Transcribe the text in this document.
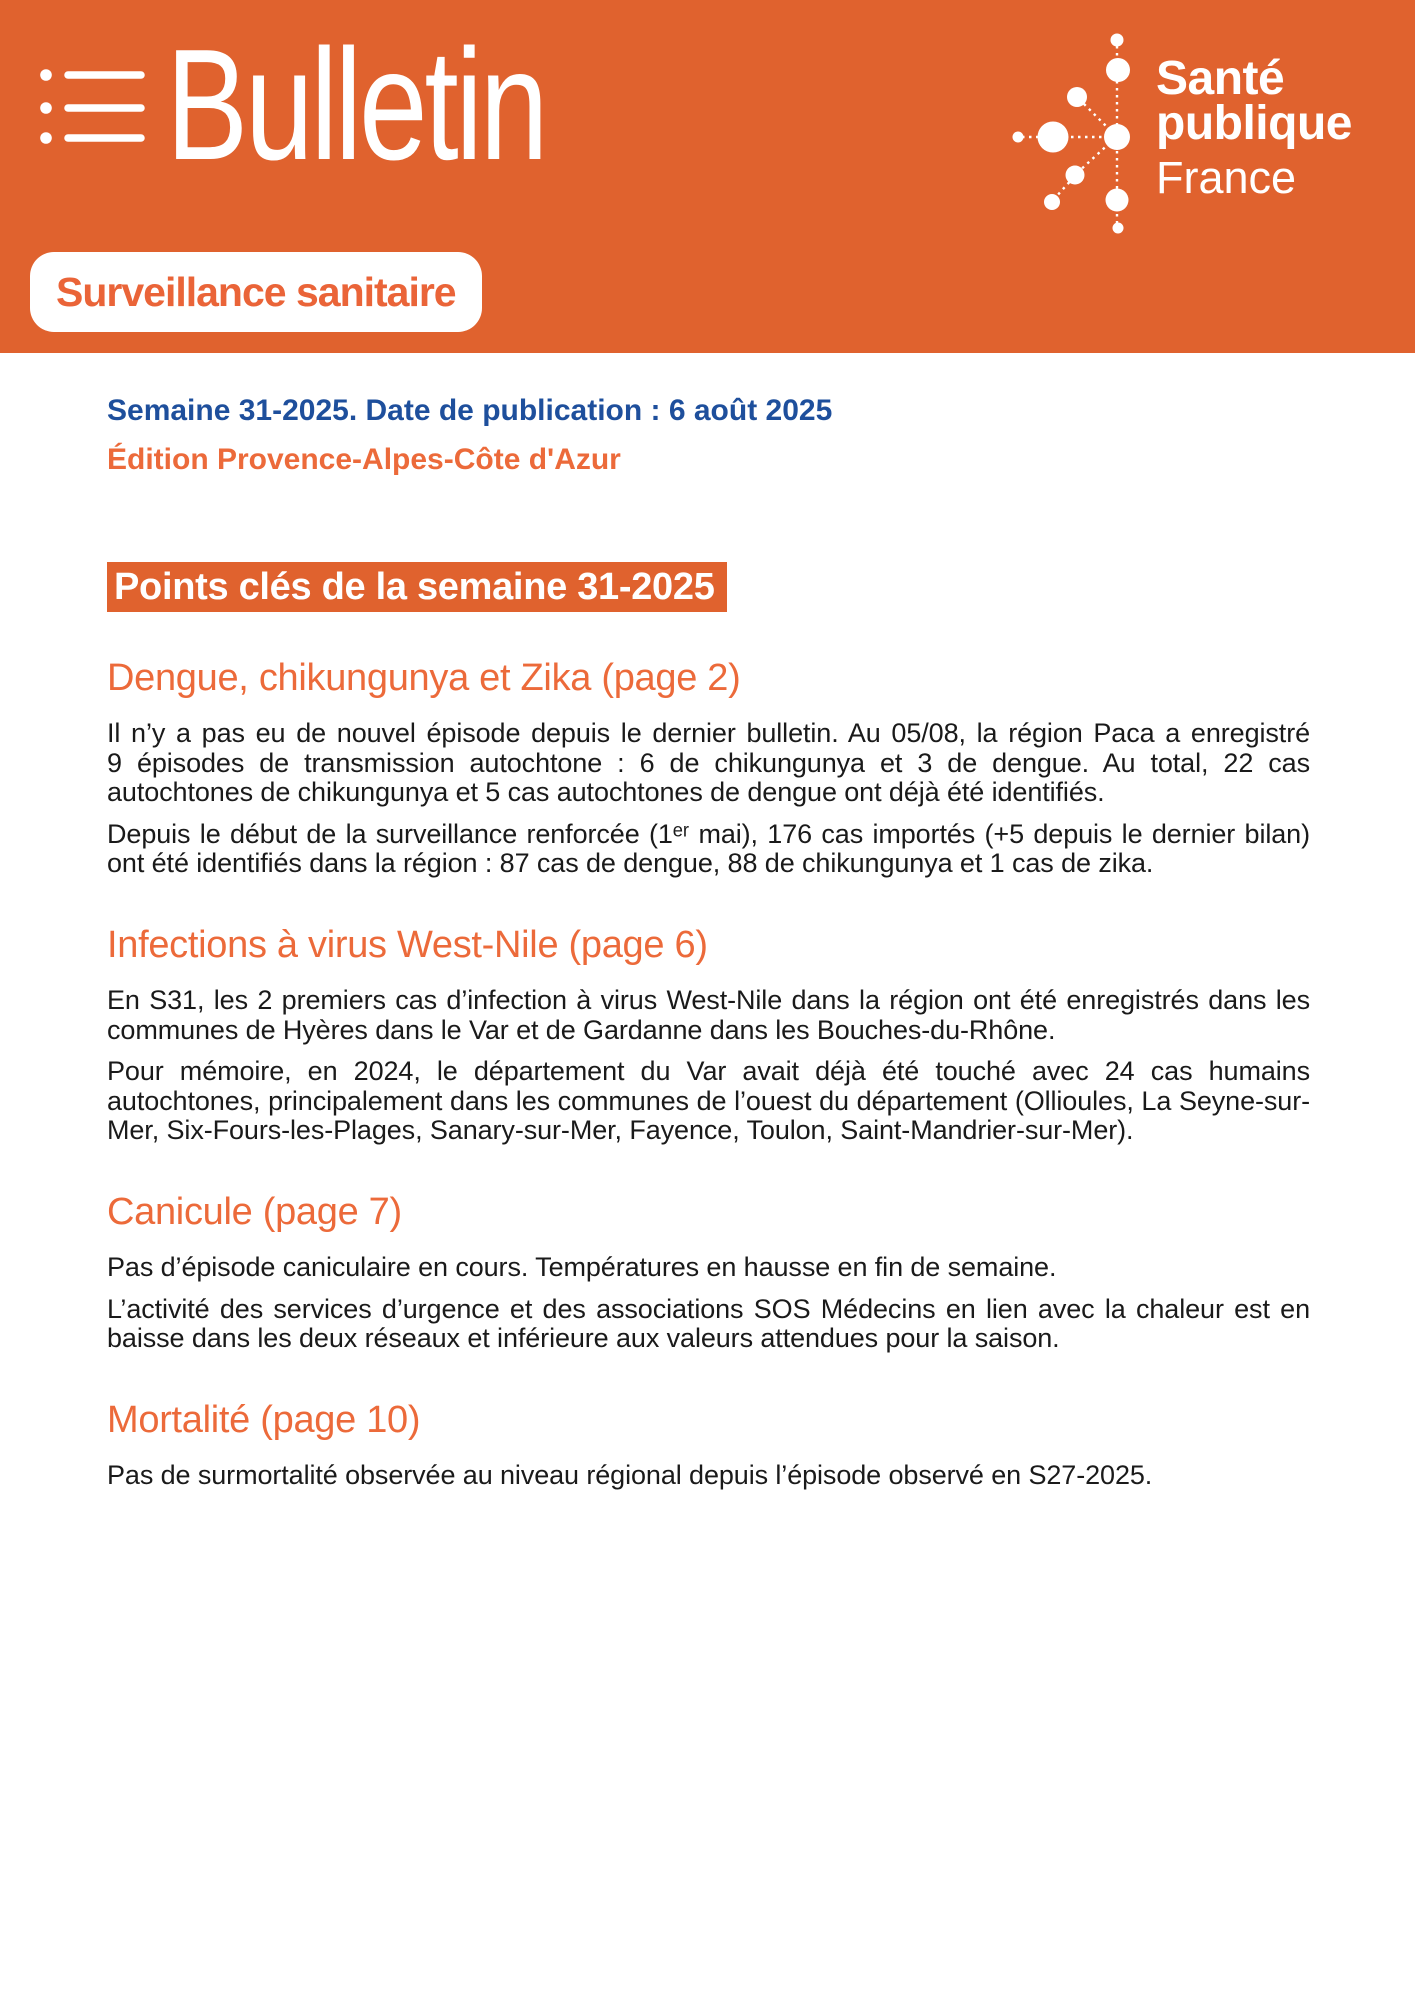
Bulletin	Santé
publique
France
Surveillance sanitaire

Semaine 31-2025. Date de publication : 6 août 2025

Édition Provence-Alpes-Côte d'Azur

Points clés de la semaine 31-2025
Dengue, chikungunya et Zika (page 2)

Il n’y a pas eu de nouvel épisode depuis le dernier bulletin. Au 05/08, la région Paca a enregistré 9 épisodes de transmission autochtone : 6 de chikungunya et 3 de dengue. Au total, 22 cas autochtones de chikungunya et 5 cas autochtones de dengue ont déjà été identifiés.

Depuis le début de la surveillance renforcée (1ᵉʳ mai), 176 cas importés (+5 depuis le dernier bilan) ont été identifiés dans la région : 87 cas de dengue, 88 de chikungunya et 1 cas de zika.

Infections à virus West-Nile (page 6)

En S31, les 2 premiers cas d’infection à virus West-Nile dans la région ont été enregistrés dans les communes de Hyères dans le Var et de Gardanne dans les Bouches-du-Rhône.

Pour mémoire, en 2024, le département du Var avait déjà été touché avec 24 cas humains autochtones, principalement dans les communes de l’ouest du département (Ollioules, La Seyne-sur-Mer, Six-Fours-les-Plages, Sanary-sur-Mer, Fayence, Toulon, Saint-Mandrier-sur-Mer).

Canicule (page 7)

Pas d’épisode caniculaire en cours. Températures en hausse en fin de semaine.

L’activité des services d’urgence et des associations SOS Médecins en lien avec la chaleur est en baisse dans les deux réseaux et inférieure aux valeurs attendues pour la saison.

Mortalité (page 10)

Pas de surmortalité observée au niveau régional depuis l’épisode observé en S27-2025.
